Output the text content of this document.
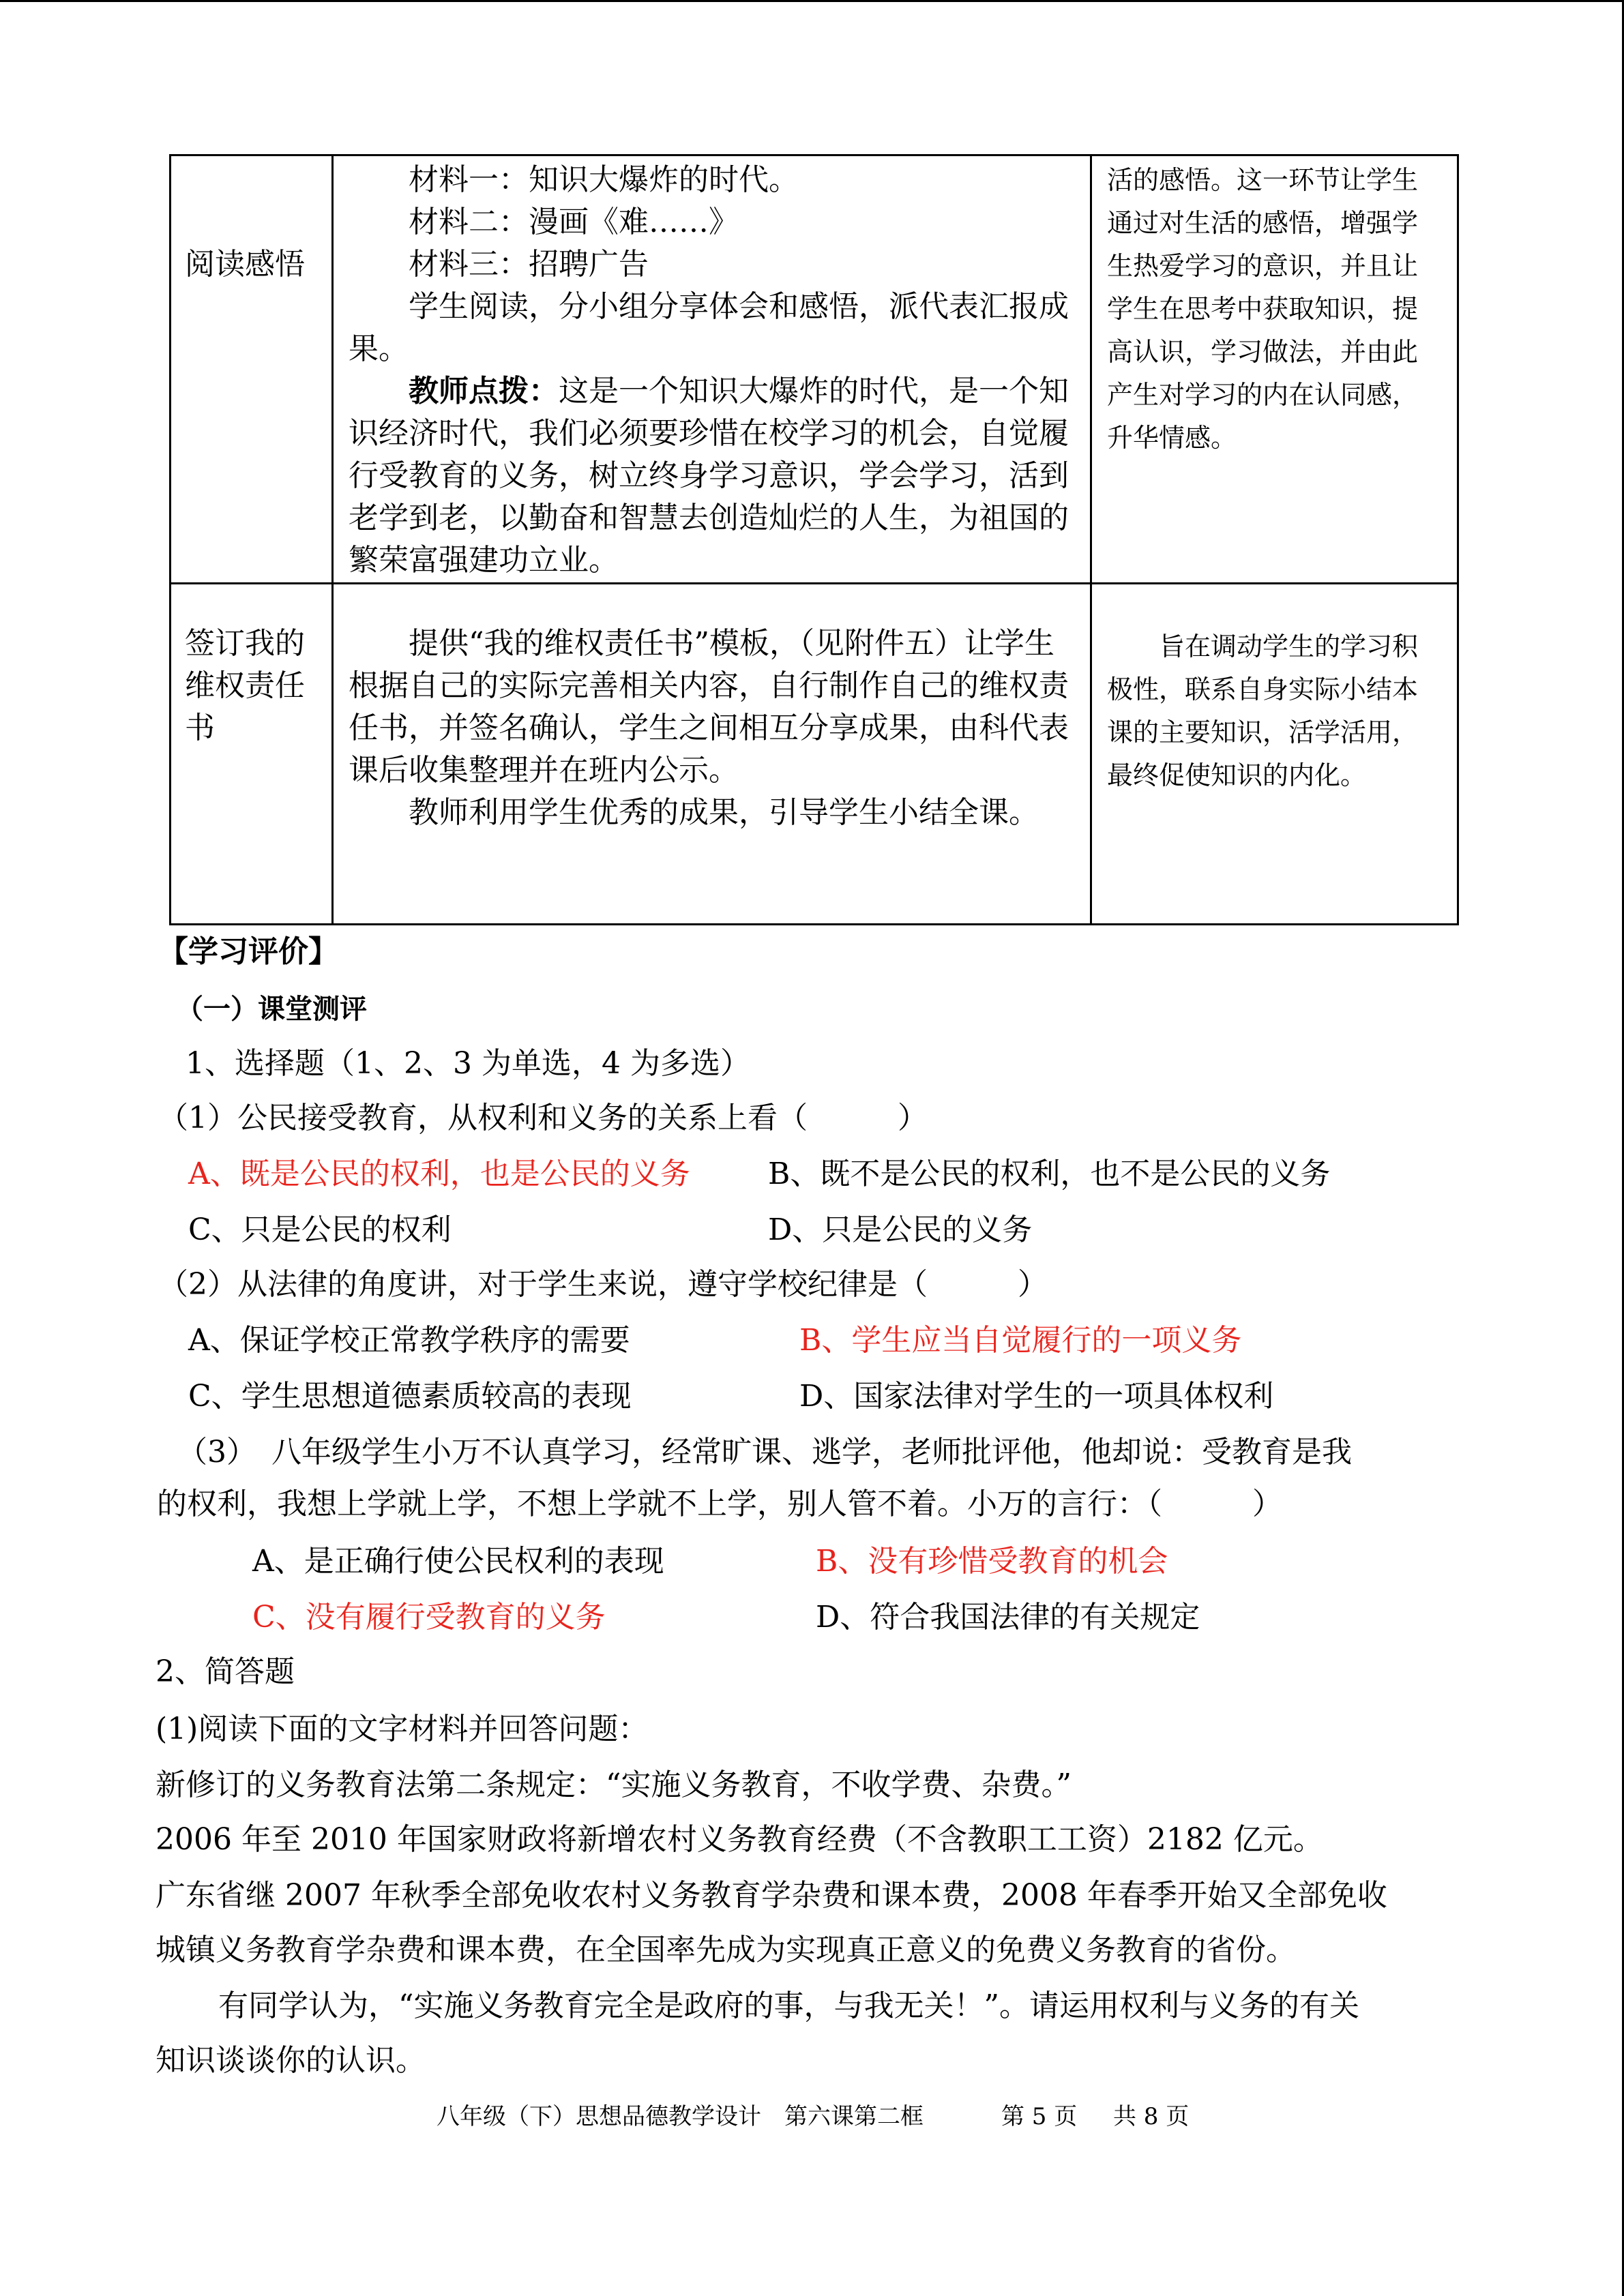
阅读感悟	材料一：知识大爆炸的时代。

材料二：漫画《难……》

材料三：招聘广告

学生阅读，分小组分享体会和感悟，派代表汇报成果。

教师点拨：这是一个知识大爆炸的时代，是一个知识经济时代，我们必须要珍惜在校学习的机会，自觉履行受教育的义务，树立终身学习意识，学会学习，活到老学到老，以勤奋和智慧去创造灿烂的人生，为祖国的繁荣富强建功立业。	活的感悟。这一环节让学生通过对生活的感悟，增强学生热爱学习的意识，并且让学生在思考中获取知识，提高认识，学习做法，并由此产生对学习的内在认同感，升华情感。

签订我的维权责任书	提供“我的维权责任书”模板，（见附件五）让学生根据自己的实际完善相关内容，自行制作自己的维权责任书，并签名确认，学生之间相互分享成果，由科代表课后收集整理并在班内公示。

教师利用学生优秀的成果，引导学生小结全课。	旨在调动学生的学习积极性，联系自身实际小结本课的主要知识，活学活用，最终促使知识的内化。

【学习评价】
（一）课堂测评
1、选择题（1、2、3 为单选，4 为多选）
（1）公民接受教育，从权利和义务的关系上看（　　　）
A、既是公民的权利，也是公民的义务	B、既不是公民的权利，也不是公民的义务
C、只是公民的权利	D、只是公民的义务
（2）从法律的角度讲，对于学生来说，遵守学校纪律是（　　　）
A、保证学校正常教学秩序的需要	B、学生应当自觉履行的一项义务
C、学生思想道德素质较高的表现	D、国家法律对学生的一项具体权利
（3）　八年级学生小万不认真学习，经常旷课、逃学，老师批评他，他却说：受教育是我
的权利，我想上学就上学，不想上学就不上学，别人管不着。小万的言行：（　　　）
A、是正确行使公民权利的表现	B、没有珍惜受教育的机会
C、没有履行受教育的义务	D、符合我国法律的有关规定
2、简答题
(1)阅读下面的文字材料并回答问题：
新修订的义务教育法第二条规定：“实施义务教育，不收学费、杂费。”
2006 年至 2010 年国家财政将新增农村义务教育经费（不含教职工工资）2182 亿元。
广东省继 2007 年秋季全部免收农村义务教育学杂费和课本费，2008 年春季开始又全部免收
城镇义务教育学杂费和课本费，在全国率先成为实现真正意义的免费义务教育的省份。
有同学认为，“实施义务教育完全是政府的事，与我无关！”。请运用权利与义务的有关
知识谈谈你的认识。
八年级（下）思想品德教学设计　第六课第二框	第 5 页 共 8 页
